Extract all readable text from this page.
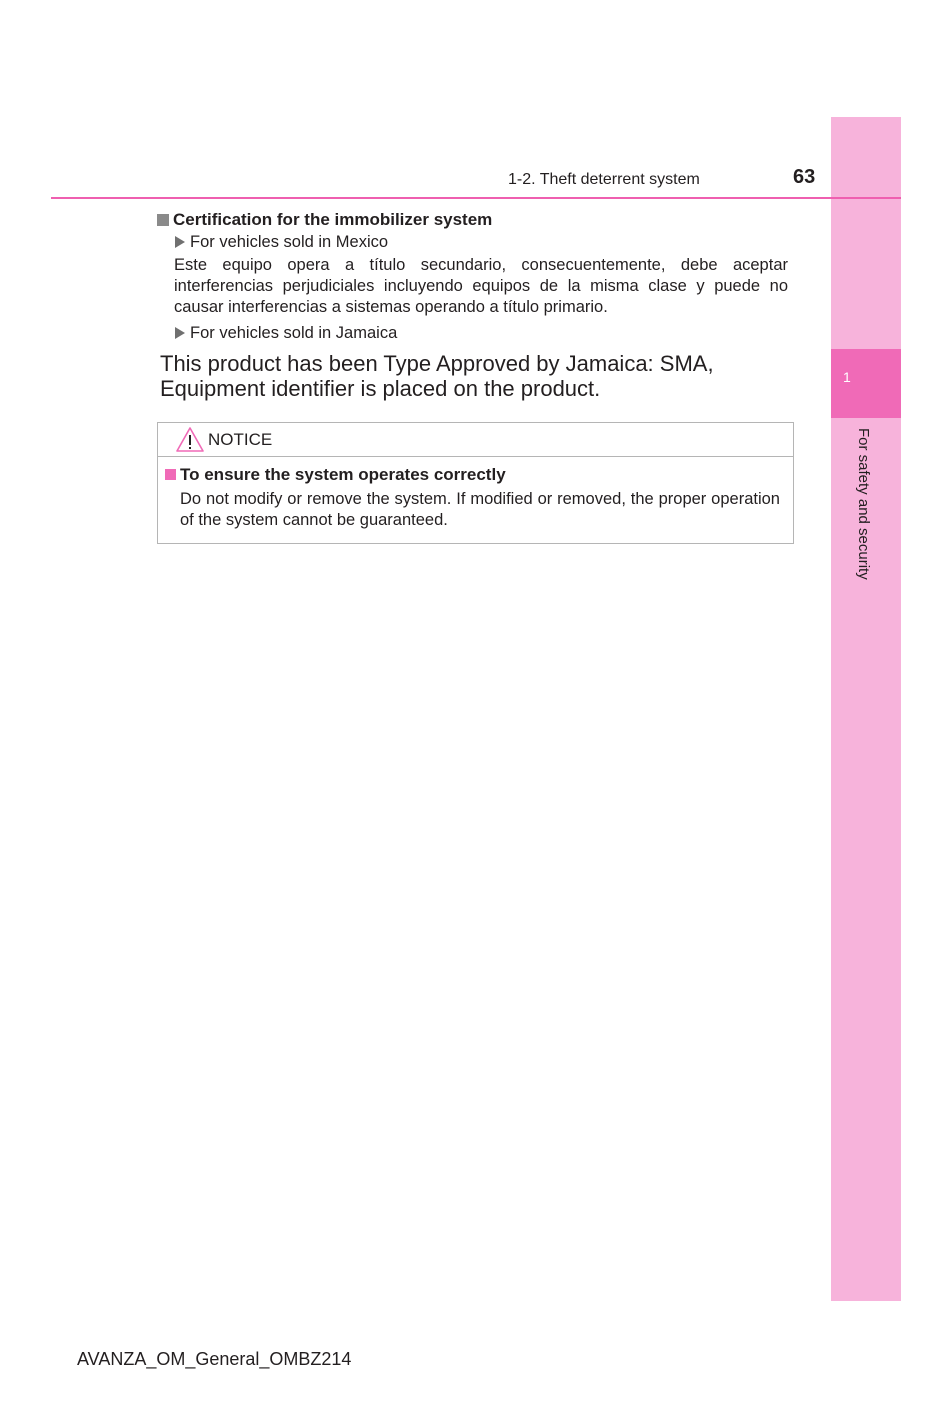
1
For safety and security
1-2. Theft deterrent system	63
Certification for the immobilizer system
For vehicles sold in Mexico
Este equipo opera a título secundario, consecuentemente, debe aceptar interferencias perjudiciales incluyendo equipos de la misma clase y puede no causar interferencias a sistemas operando a título primario.
For vehicles sold in Jamaica
This product has been Type Approved by Jamaica: SMA, Equipment identifier is placed on the product.
NOTICE
To ensure the system operates correctly
Do not modify or remove the system. If modified or removed, the proper operation of the system cannot be guaranteed.
AVANZA_OM_General_OMBZ214
